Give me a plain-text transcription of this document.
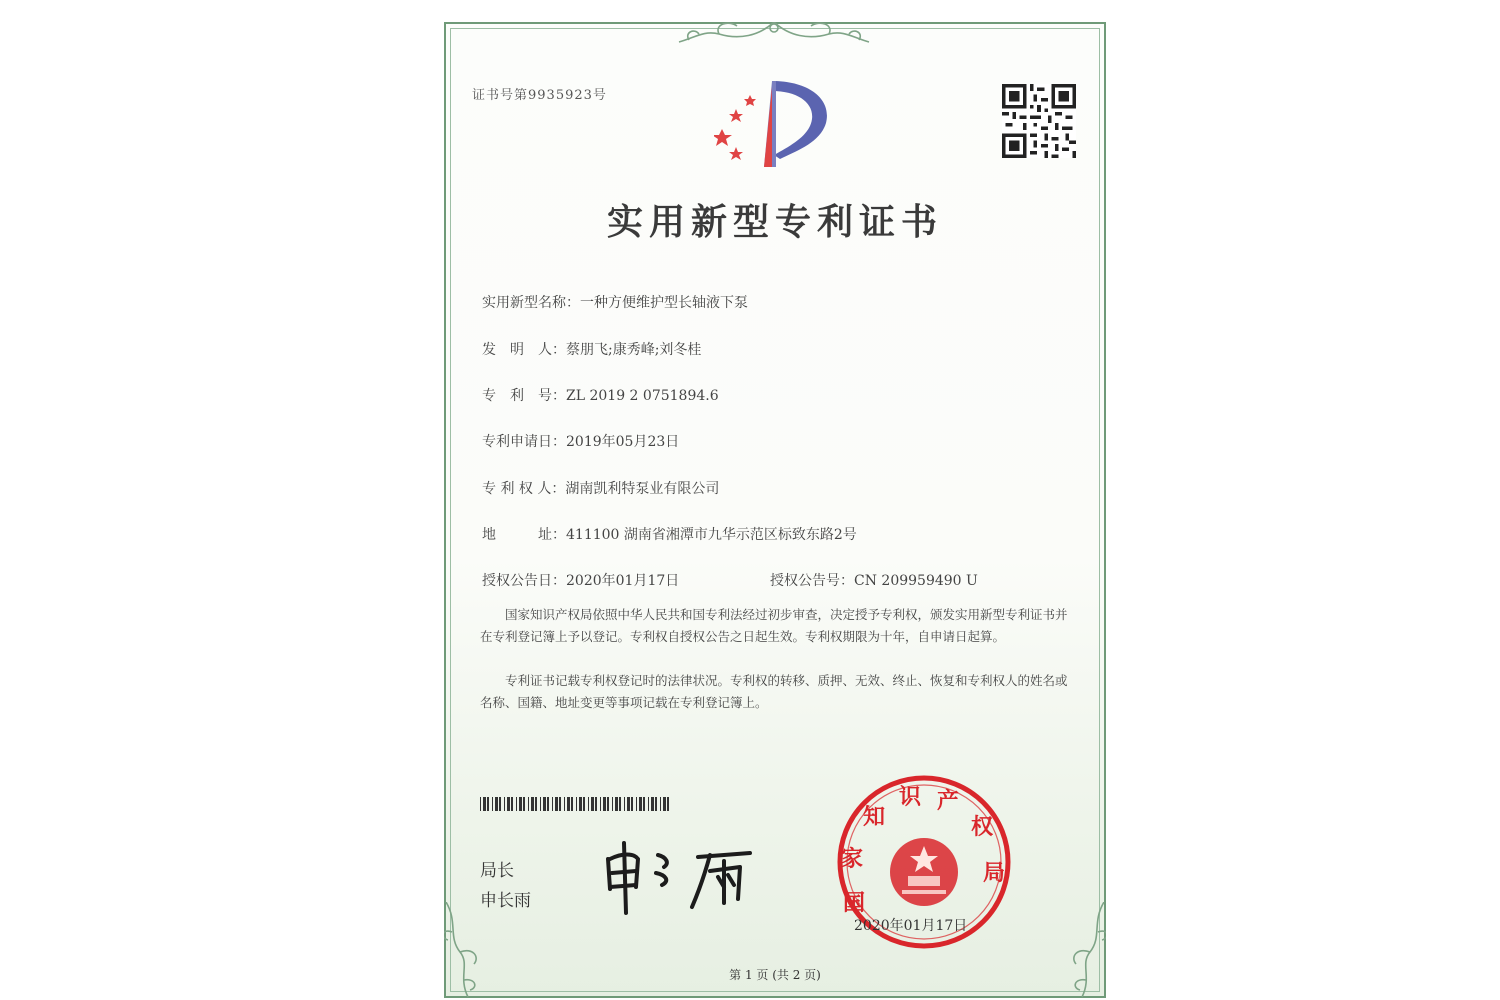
证书号第9935923号
实用新型专利证书
实用新型名称：一种方便维护型长轴液下泵
发　明　人：蔡朋飞;康秀峰;刘冬桂
专　利　号：ZL 2019 2 0751894.6
专利申请日：2019年05月23日
专 利 权 人：湖南凯利特泵业有限公司
地　　　址：411100 湖南省湘潭市九华示范区标致东路2号
授权公告日：2020年01月17日	授权公告号：CN 209959490 U

国家知识产权局依照中华人民共和国专利法经过初步审查，决定授予专利权，颁发实用新型专利证书并在专利登记簿上予以登记。专利权自授权公告之日起生效。专利权期限为十年，自申请日起算。

专利证书记载专利权登记时的法律状况。专利权的转移、质押、无效、终止、恢复和专利权人的姓名或名称、国籍、地址变更等事项记载在专利登记簿上。

局长
申长雨	国
家
知
识 产
权
局
2020年01月17日
第 1 页 (共 2 页)
